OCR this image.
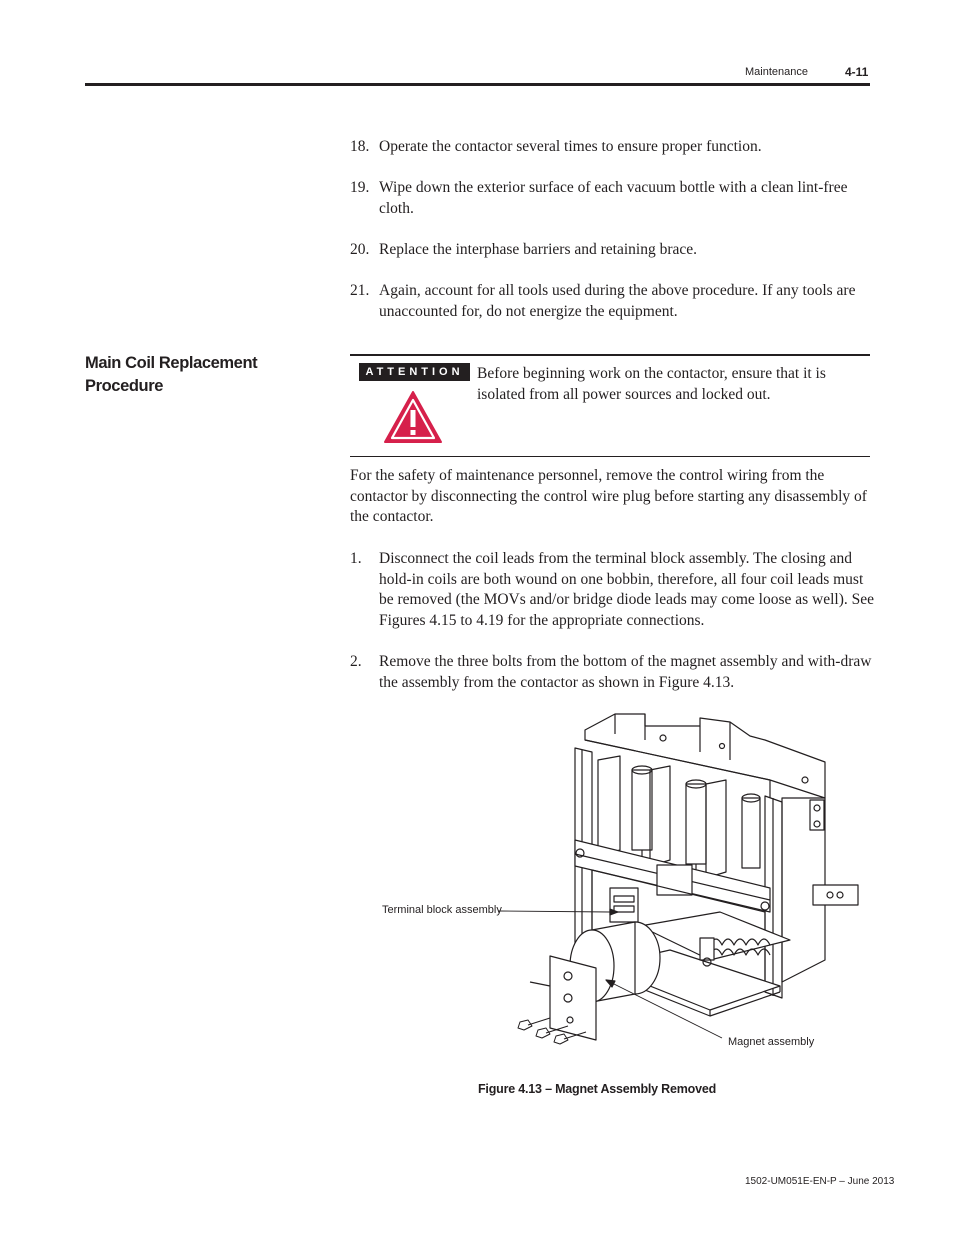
Maintenance	4-11
18. Operate the contactor several times to ensure proper function.
19. Wipe down the exterior surface of each vacuum bottle with a clean lint-free cloth.
20. Replace the interphase barriers and retaining brace.
21. Again, account for all tools used during the above procedure. If any tools are unaccounted for, do not energize the equipment.
Main Coil Replacement Procedure
ATTENTION Before beginning work on the contactor, ensure that it is isolated from all power sources and locked out.
For the safety of maintenance personnel, remove the control wiring from the contactor by disconnecting the control wire plug before starting any disassembly of the contactor.
1. Disconnect the coil leads from the terminal block assembly. The closing and hold-in coils are both wound on one bobbin, therefore, all four coil leads must be removed (the MOVs and/or bridge diode leads may come loose as well). See Figures 4.15 to 4.19 for the appropriate connections.
2. Remove the three bolts from the bottom of the magnet assembly and with-draw the assembly from the contactor as shown in Figure 4.13.
Terminal block assembly
Magnet assembly
Figure 4.13 – Magnet Assembly Removed
1502-UM051E-EN-P – June 2013
